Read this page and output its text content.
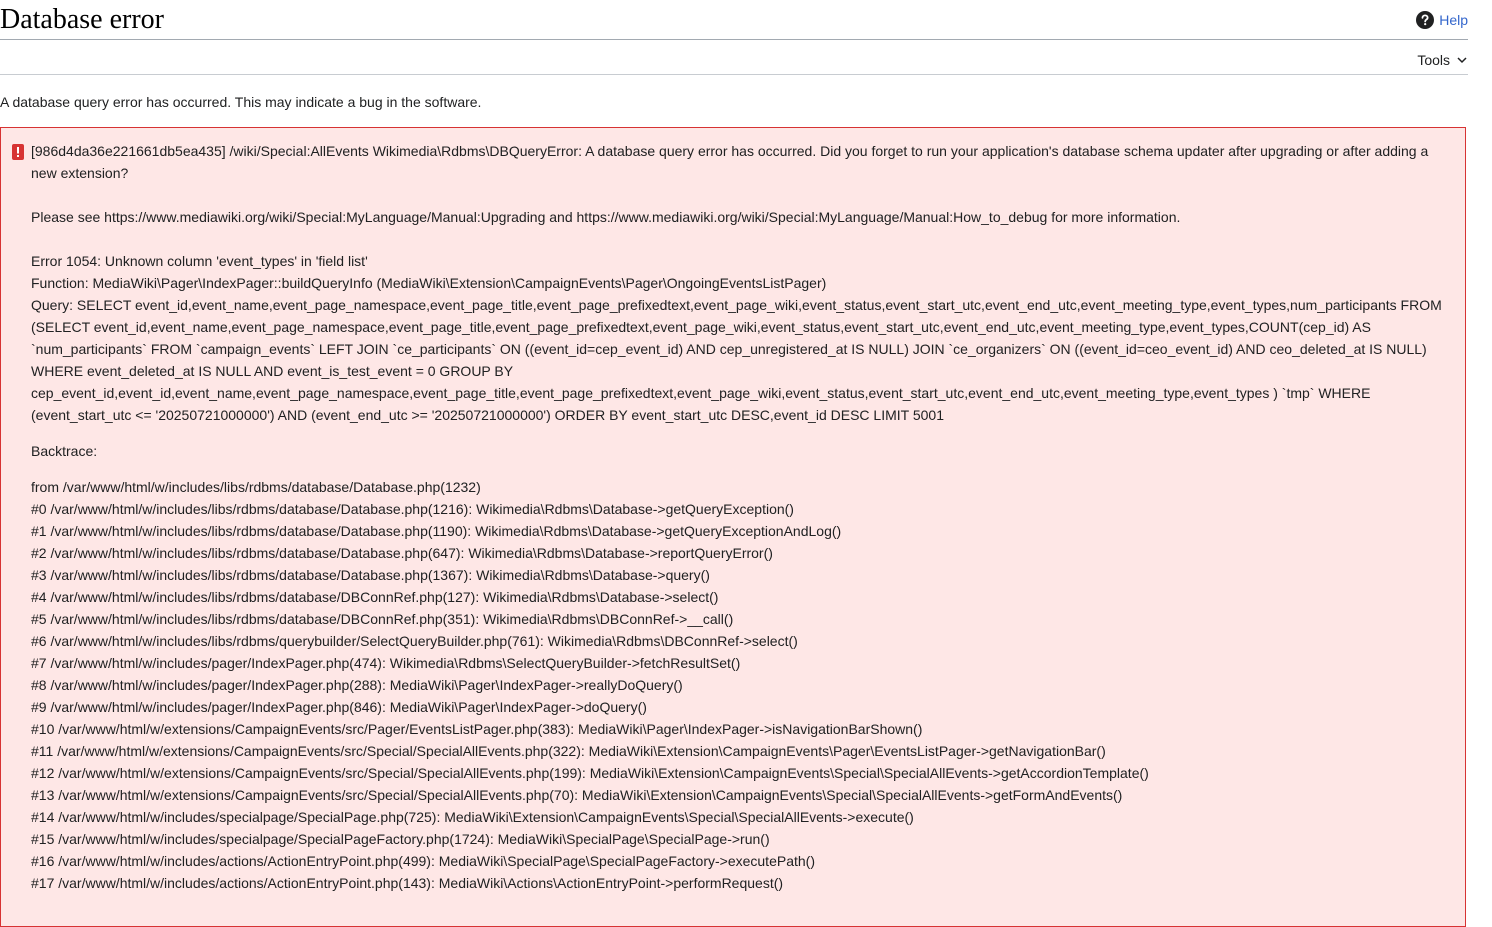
Database error	Help
Tools

A database query error has occurred. This may indicate a bug in the software.

[986d4da36e221661db5ea435] /wiki/Special:AllEvents Wikimedia\Rdbms\DBQueryError: A database query error has occurred. Did you forget to run your application's database schema updater after upgrading or after adding a new extension?

Please see https://www.mediawiki.org/wiki/Special:MyLanguage/Manual:Upgrading and https://www.mediawiki.org/wiki/Special:MyLanguage/Manual:How_to_debug for more information.

Error 1054: Unknown column 'event_types' in 'field list'

Function: MediaWiki\Pager\IndexPager::buildQueryInfo (MediaWiki\Extension\CampaignEvents\Pager\OngoingEventsListPager)

Query: SELECT event_id,event_name,event_page_namespace,event_page_title,event_page_prefixedtext,event_page_wiki,event_status,event_start_utc,event_end_utc,event_meeting_type,event_types,num_participants FROM

(SELECT event_id,event_name,event_page_namespace,event_page_title,event_page_prefixedtext,event_page_wiki,event_status,event_start_utc,event_end_utc,event_meeting_type,event_types,COUNT(cep_id) AS

`num_participants` FROM `campaign_events` LEFT JOIN `ce_participants` ON ((event_id=cep_event_id) AND cep_unregistered_at IS NULL) JOIN `ce_organizers` ON ((event_id=ceo_event_id) AND ceo_deleted_at IS NULL)

WHERE event_deleted_at IS NULL AND event_is_test_event = 0 GROUP BY

cep_event_id,event_id,event_name,event_page_namespace,event_page_title,event_page_prefixedtext,event_page_wiki,event_status,event_start_utc,event_end_utc,event_meeting_type,event_types ) `tmp` WHERE

(event_start_utc <= '20250721000000') AND (event_end_utc >= '20250721000000') ORDER BY event_start_utc DESC,event_id DESC LIMIT 5001

Backtrace:

from /var/www/html/w/includes/libs/rdbms/database/Database.php(1232)

#0 /var/www/html/w/includes/libs/rdbms/database/Database.php(1216): Wikimedia\Rdbms\Database->getQueryException()

#1 /var/www/html/w/includes/libs/rdbms/database/Database.php(1190): Wikimedia\Rdbms\Database->getQueryExceptionAndLog()

#2 /var/www/html/w/includes/libs/rdbms/database/Database.php(647): Wikimedia\Rdbms\Database->reportQueryError()

#3 /var/www/html/w/includes/libs/rdbms/database/Database.php(1367): Wikimedia\Rdbms\Database->query()

#4 /var/www/html/w/includes/libs/rdbms/database/DBConnRef.php(127): Wikimedia\Rdbms\Database->select()

#5 /var/www/html/w/includes/libs/rdbms/database/DBConnRef.php(351): Wikimedia\Rdbms\DBConnRef->__call()

#6 /var/www/html/w/includes/libs/rdbms/querybuilder/SelectQueryBuilder.php(761): Wikimedia\Rdbms\DBConnRef->select()

#7 /var/www/html/w/includes/pager/IndexPager.php(474): Wikimedia\Rdbms\SelectQueryBuilder->fetchResultSet()

#8 /var/www/html/w/includes/pager/IndexPager.php(288): MediaWiki\Pager\IndexPager->reallyDoQuery()

#9 /var/www/html/w/includes/pager/IndexPager.php(846): MediaWiki\Pager\IndexPager->doQuery()

#10 /var/www/html/w/extensions/CampaignEvents/src/Pager/EventsListPager.php(383): MediaWiki\Pager\IndexPager->isNavigationBarShown()

#11 /var/www/html/w/extensions/CampaignEvents/src/Special/SpecialAllEvents.php(322): MediaWiki\Extension\CampaignEvents\Pager\EventsListPager->getNavigationBar()

#12 /var/www/html/w/extensions/CampaignEvents/src/Special/SpecialAllEvents.php(199): MediaWiki\Extension\CampaignEvents\Special\SpecialAllEvents->getAccordionTemplate()

#13 /var/www/html/w/extensions/CampaignEvents/src/Special/SpecialAllEvents.php(70): MediaWiki\Extension\CampaignEvents\Special\SpecialAllEvents->getFormAndEvents()

#14 /var/www/html/w/includes/specialpage/SpecialPage.php(725): MediaWiki\Extension\CampaignEvents\Special\SpecialAllEvents->execute()

#15 /var/www/html/w/includes/specialpage/SpecialPageFactory.php(1724): MediaWiki\SpecialPage\SpecialPage->run()

#16 /var/www/html/w/includes/actions/ActionEntryPoint.php(499): MediaWiki\SpecialPage\SpecialPageFactory->executePath()

#17 /var/www/html/w/includes/actions/ActionEntryPoint.php(143): MediaWiki\Actions\ActionEntryPoint->performRequest()
